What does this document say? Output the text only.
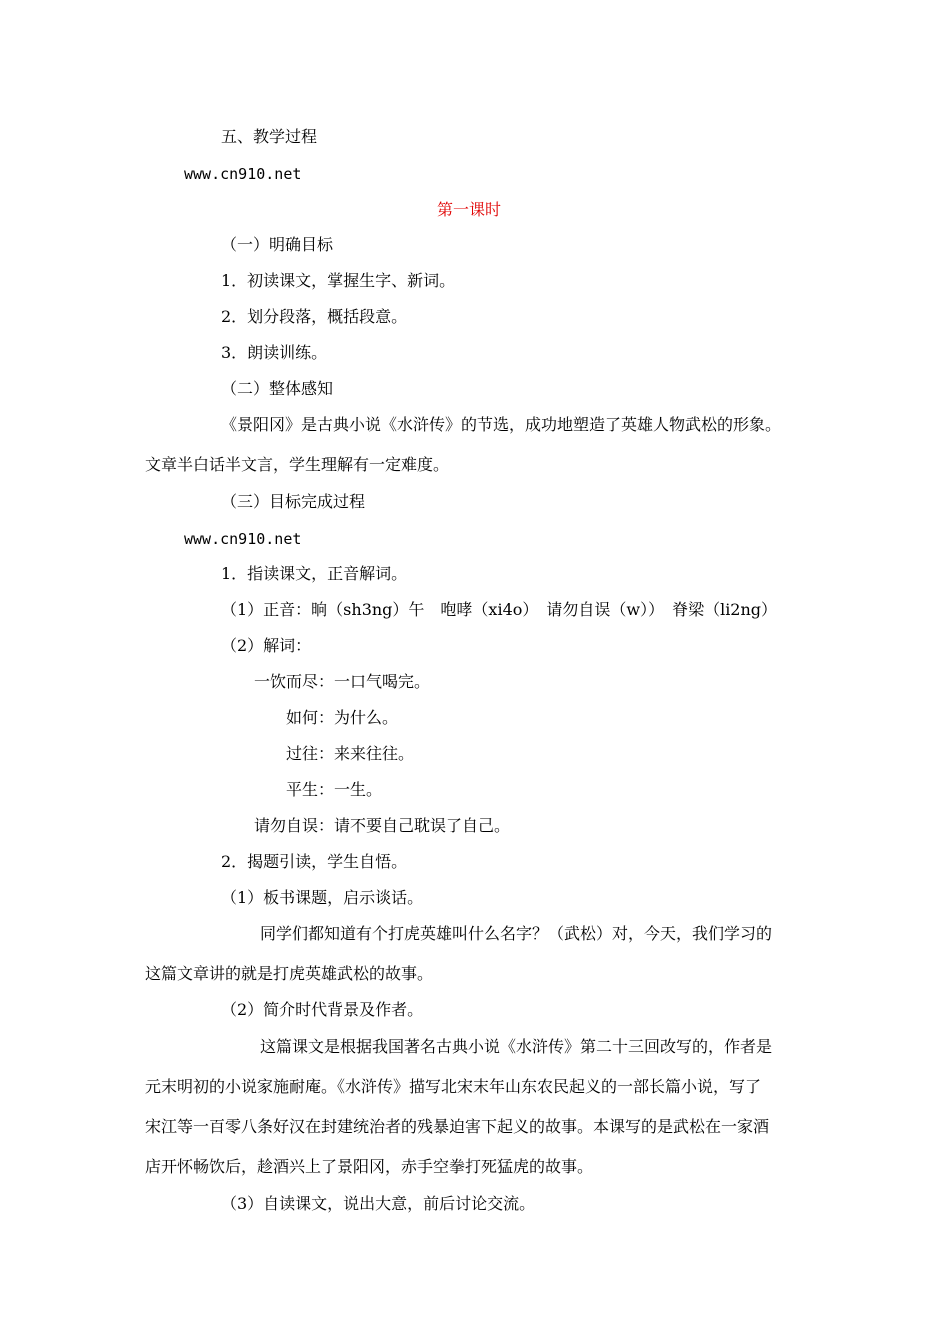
五、教学过程
www.cn910.net
第一课时
（一）明确目标
1．初读课文，掌握生字、新词。
2．划分段落，概括段意。
3．朗读训练。
（二）整体感知
《景阳冈》是古典小说《水浒传》的节选，成功地塑造了英雄人物武松的形象。
文章半白话半文言，学生理解有一定难度。
（三）目标完成过程
www.cn910.net
1．指读课文，正音解词。
（1）正音：晌（sh3ng）午　咆哮（xi4o）　请勿自误（w））　脊梁（li2ng）
（2）解词：
一饮而尽：一口气喝完。
如何：为什么。
过往：来来往往。
平生：一生。
请勿自误：请不要自己耽误了自己。
2．揭题引读，学生自悟。
（1）板书课题，启示谈话。
同学们都知道有个打虎英雄叫什么名字？（武松）对，今天，我们学习的
这篇文章讲的就是打虎英雄武松的故事。
（2）简介时代背景及作者。
这篇课文是根据我国著名古典小说《水浒传》第二十三回改写的，作者是
元末明初的小说家施耐庵。《水浒传》描写北宋末年山东农民起义的一部长篇小说，写了
宋江等一百零八条好汉在封建统治者的残暴迫害下起义的故事。本课写的是武松在一家酒
店开怀畅饮后，趁酒兴上了景阳冈，赤手空拳打死猛虎的故事。
（3）自读课文，说出大意，前后讨论交流。
